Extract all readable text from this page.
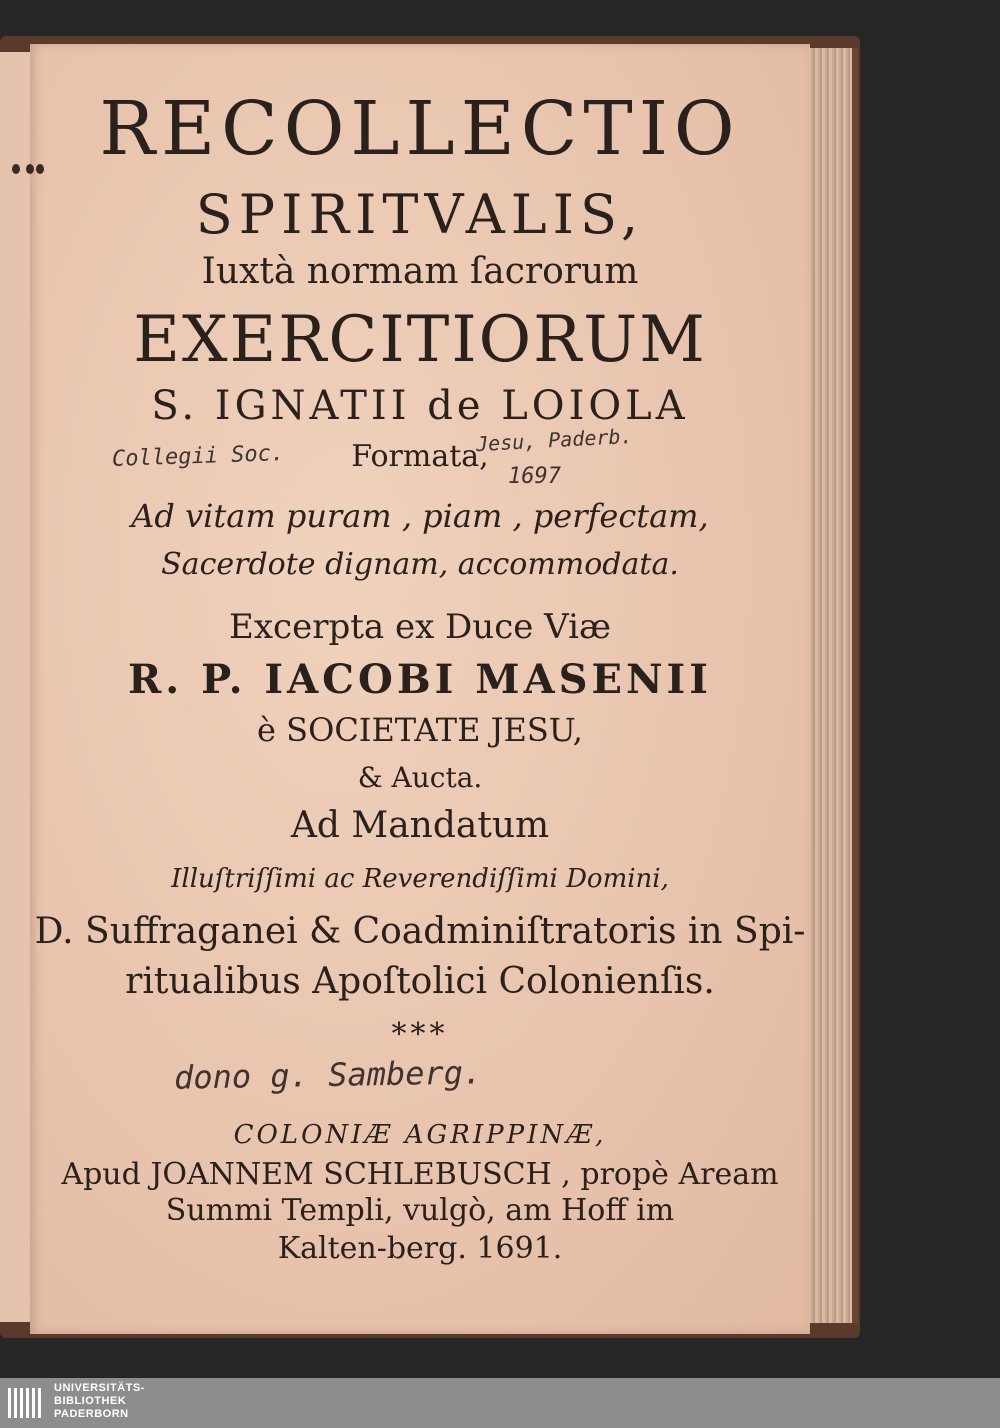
RECOLLECTIO
SPIRITVALIS,
Iuxtà normam ſacrorum
EXERCITIORUM
S. IGNATII de LOIOLA
Formata,
Ad vitam puram , piam , perfectam,
Sacerdote dignam, accommodata.
Excerpta ex Duce Viæ
R. P. IACOBI MASENII
è SOCIETATE JESU,
& Aucta.
Ad Mandatum
Illuſtriſſimi ac Reverendiſſimi Domini,
D. Suffraganei & Coadminiſtratoris in Spi-
ritualibus Apoſtolici Colonienſis.
***
COLONIÆ AGRIPPINÆ,
Apud JOANNEM SCHLEBUSCH , propè Aream
Summi Templi, vulgò, am Hoff im
Kalten-berg. 1691.
Collegii Soc.
Jesu, Paderb.
1697
dono g. Samberg.
UNIVERSITÄTS-
BIBLIOTHEK
PADERBORN
